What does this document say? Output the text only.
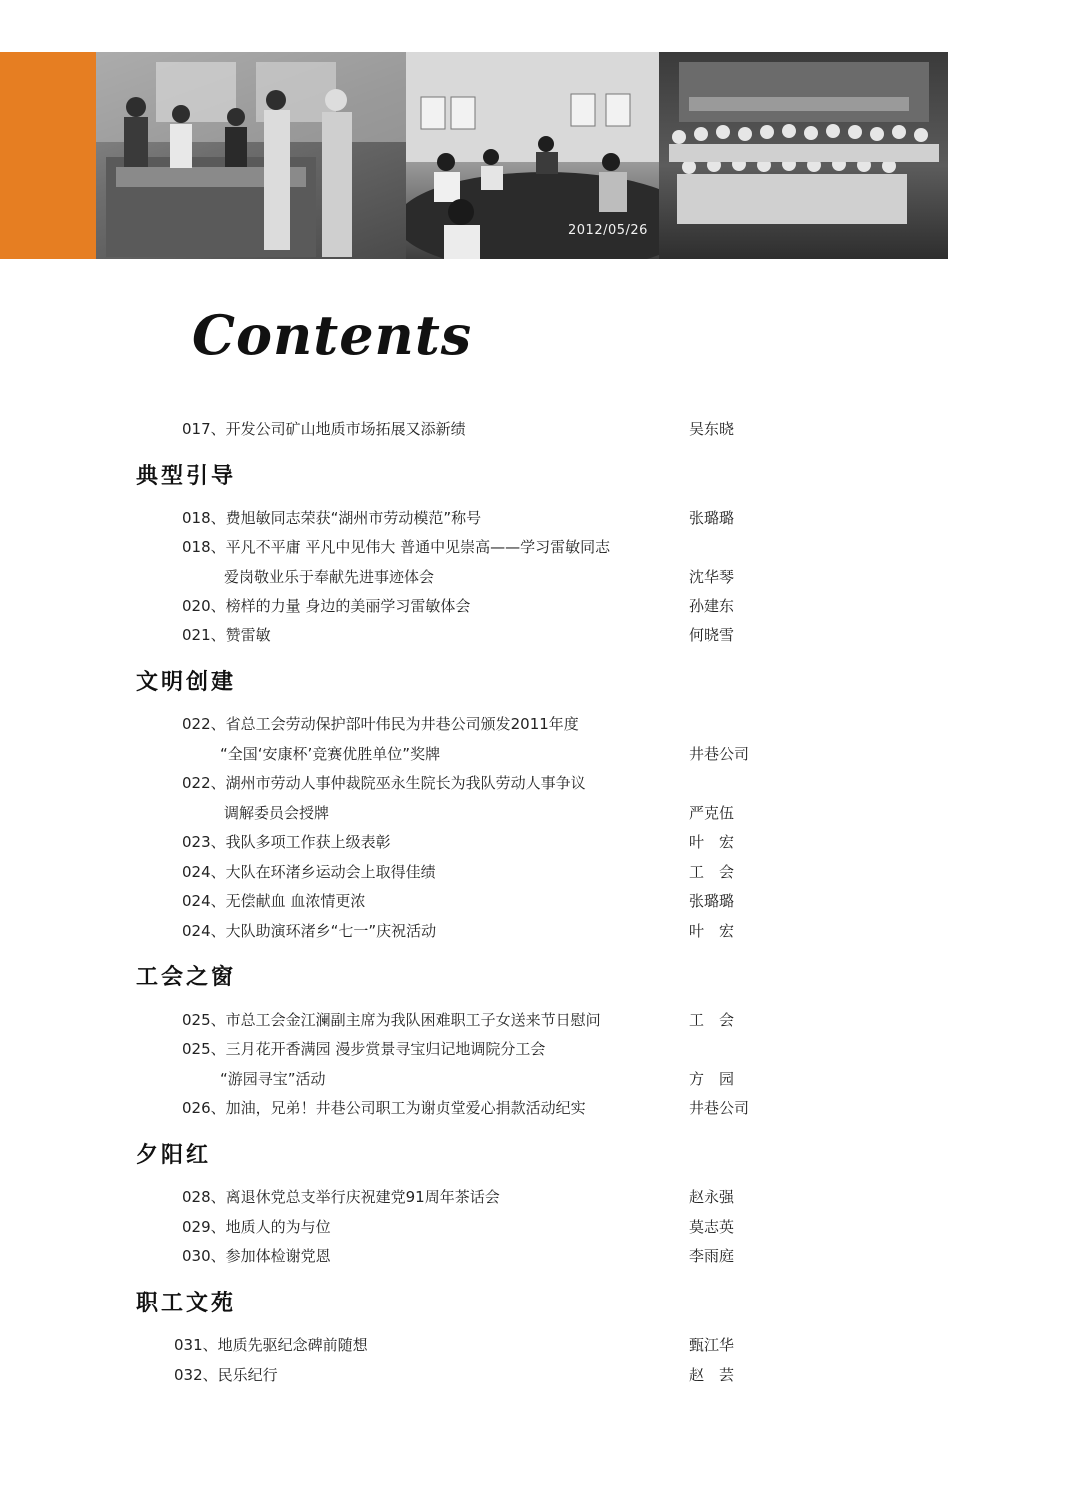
2012/05/26
Contents
017、开发公司矿山地质市场拓展又添新绩	吴东晓
典型引导
018、费旭敏同志荣获“湖州市劳动模范”称号	张璐璐
018、平凡不平庸 平凡中见伟大 普通中见崇高——学习雷敏同志
爱岗敬业乐于奉献先进事迹体会	沈华琴
020、榜样的力量 身边的美丽学习雷敏体会	孙建东
021、赞雷敏	何晓雪
文明创建
022、省总工会劳动保护部叶伟民为井巷公司颁发2011年度
“全国‘安康杯’竞赛优胜单位”奖牌	井巷公司
022、湖州市劳动人事仲裁院巫永生院长为我队劳动人事争议
调解委员会授牌	严克伍
023、我队多项工作获上级表彰	叶　宏
024、大队在环渚乡运动会上取得佳绩	工　会
024、无偿献血 血浓情更浓	张璐璐
024、大队助演环渚乡“七一”庆祝活动	叶　宏
工会之窗
025、市总工会金江澜副主席为我队困难职工子女送来节日慰问	工　会
025、三月花开香满园 漫步赏景寻宝归记地调院分工会
“游园寻宝”活动	方　园
026、加油，兄弟！井巷公司职工为谢贞堂爱心捐款活动纪实	井巷公司
夕阳红
028、离退休党总支举行庆祝建党91周年茶话会	赵永强
029、地质人的为与位	莫志英
030、参加体检谢党恩	李雨庭
职工文苑
031、地质先驱纪念碑前随想	甄江华
032、民乐纪行	赵　芸
